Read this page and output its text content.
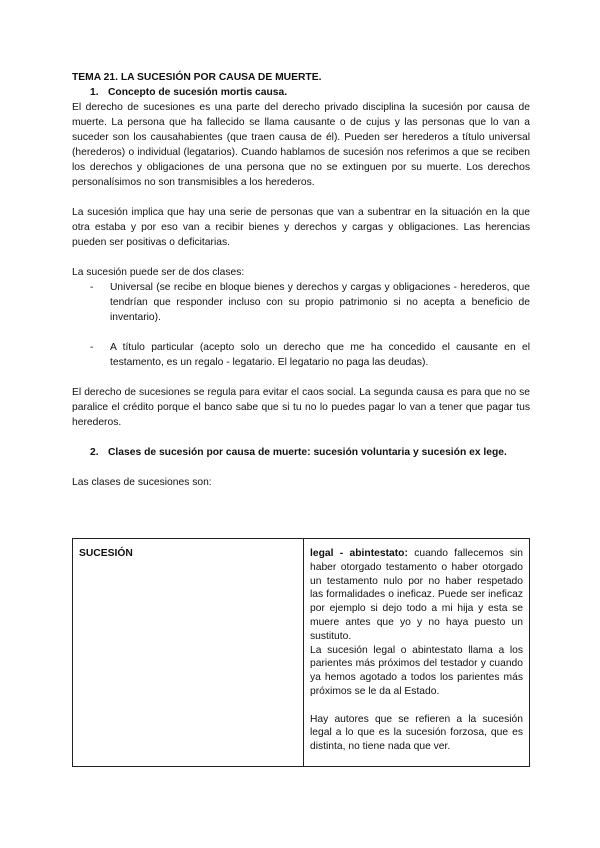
TEMA 21. LA SUCESIÓN POR CAUSA DE MUERTE.
1. Concepto de sucesión mortis causa.
El derecho de sucesiones es una parte del derecho privado disciplina la sucesión por causa de muerte. La persona que ha fallecido se llama causante o de cujus y las personas que lo van a suceder son los causahabientes (que traen causa de él). Pueden ser herederos a título universal (herederos) o individual (legatarios). Cuando hablamos de sucesión nos referimos a que se reciben los derechos y obligaciones de una persona que no se extinguen por su muerte. Los derechos personalísimos no son transmisibles a los herederos.
La sucesión implica que hay una serie de personas que van a subentrar en la situación en la que otra estaba y por eso van a recibir bienes y derechos y cargas y obligaciones. Las herencias pueden ser positivas o deficitarias.
La sucesión puede ser de dos clases:
-	Universal (se recibe en bloque bienes y derechos y cargas y obligaciones - herederos, que tendrían que responder incluso con su propio patrimonio si no acepta a beneficio de inventario).
-	A título particular (acepto solo un derecho que me ha concedido el causante en el testamento, es un regalo - legatario. El legatario no paga las deudas).
El derecho de sucesiones se regula para evitar el caos social. La segunda causa es para que no se paralice el crédito porque el banco sabe que si tu no lo puedes pagar lo van a tener que pagar tus herederos.
2. Clases de sucesión por causa de muerte: sucesión voluntaria y sucesión ex lege.
Las clases de sucesiones son:
SUCESIÓN	legal - abintestato: cuando fallecemos sin haber otorgado testamento o haber otorgado un testamento nulo por no haber respetado las formalidades o ineficaz. Puede ser ineficaz por ejemplo si dejo todo a mi hija y esta se muere antes que yo y no haya puesto un sustituto.
La sucesión legal o abintestato llama a los parientes más próximos del testador y cuando ya hemos agotado a todos los parientes más próximos se le da al Estado.
Hay autores que se refieren a la sucesión legal a lo que es la sucesión forzosa, que es distinta, no tiene nada que ver.
